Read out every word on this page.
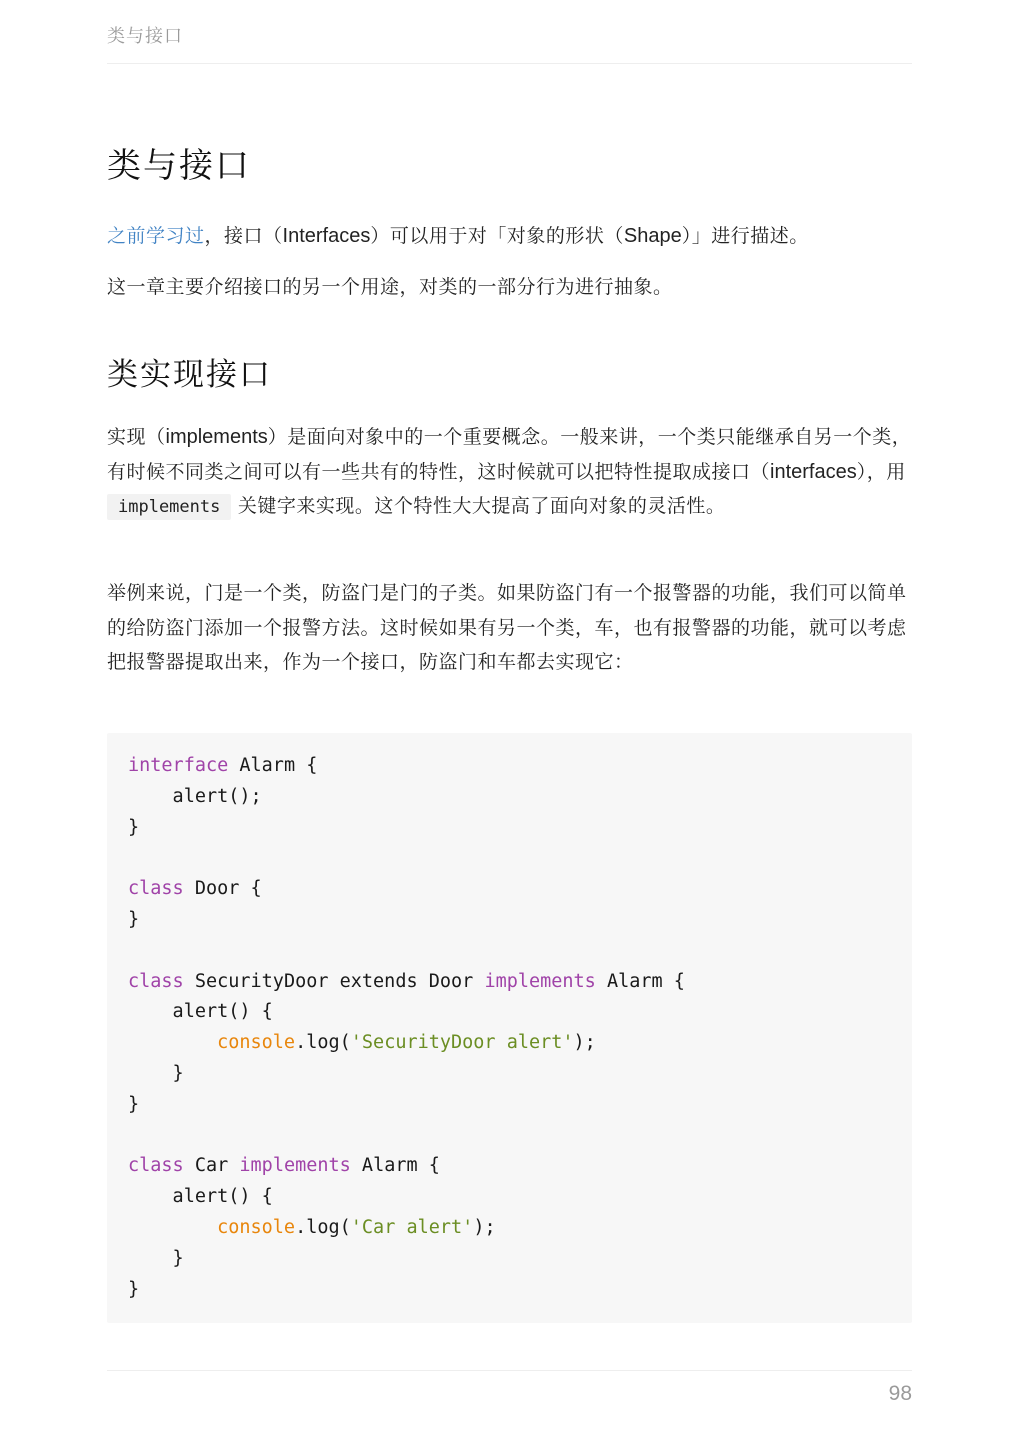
类与接口
类与接口

之前学习过，接口（Interfaces）可以用于对「对象的形状（Shape）」进行描述。

这一章主要介绍接口的另一个用途，对类的一部分行为进行抽象。

类实现接口

实现（implements）是面向对象中的一个重要概念。一般来讲，一个类只能继承自另一个类，有时候不同类之间可以有一些共有的特性，这时候就可以把特性提取成接口（interfaces），用 implements 关键字来实现。这个特性大大提高了面向对象的灵活性。

举例来说，门是一个类，防盗门是门的子类。如果防盗门有一个报警器的功能，我们可以简单的给防盗门添加一个报警方法。这时候如果有另一个类，车，也有报警器的功能，就可以考虑把报警器提取出来，作为一个接口，防盗门和车都去实现它：

interface Alarm {
alert();
}

class Door {
}

class SecurityDoor extends Door implements Alarm {
alert() {
console.log('SecurityDoor alert');
}
}

class Car implements Alarm {
alert() {
console.log('Car alert');
}
}
98
